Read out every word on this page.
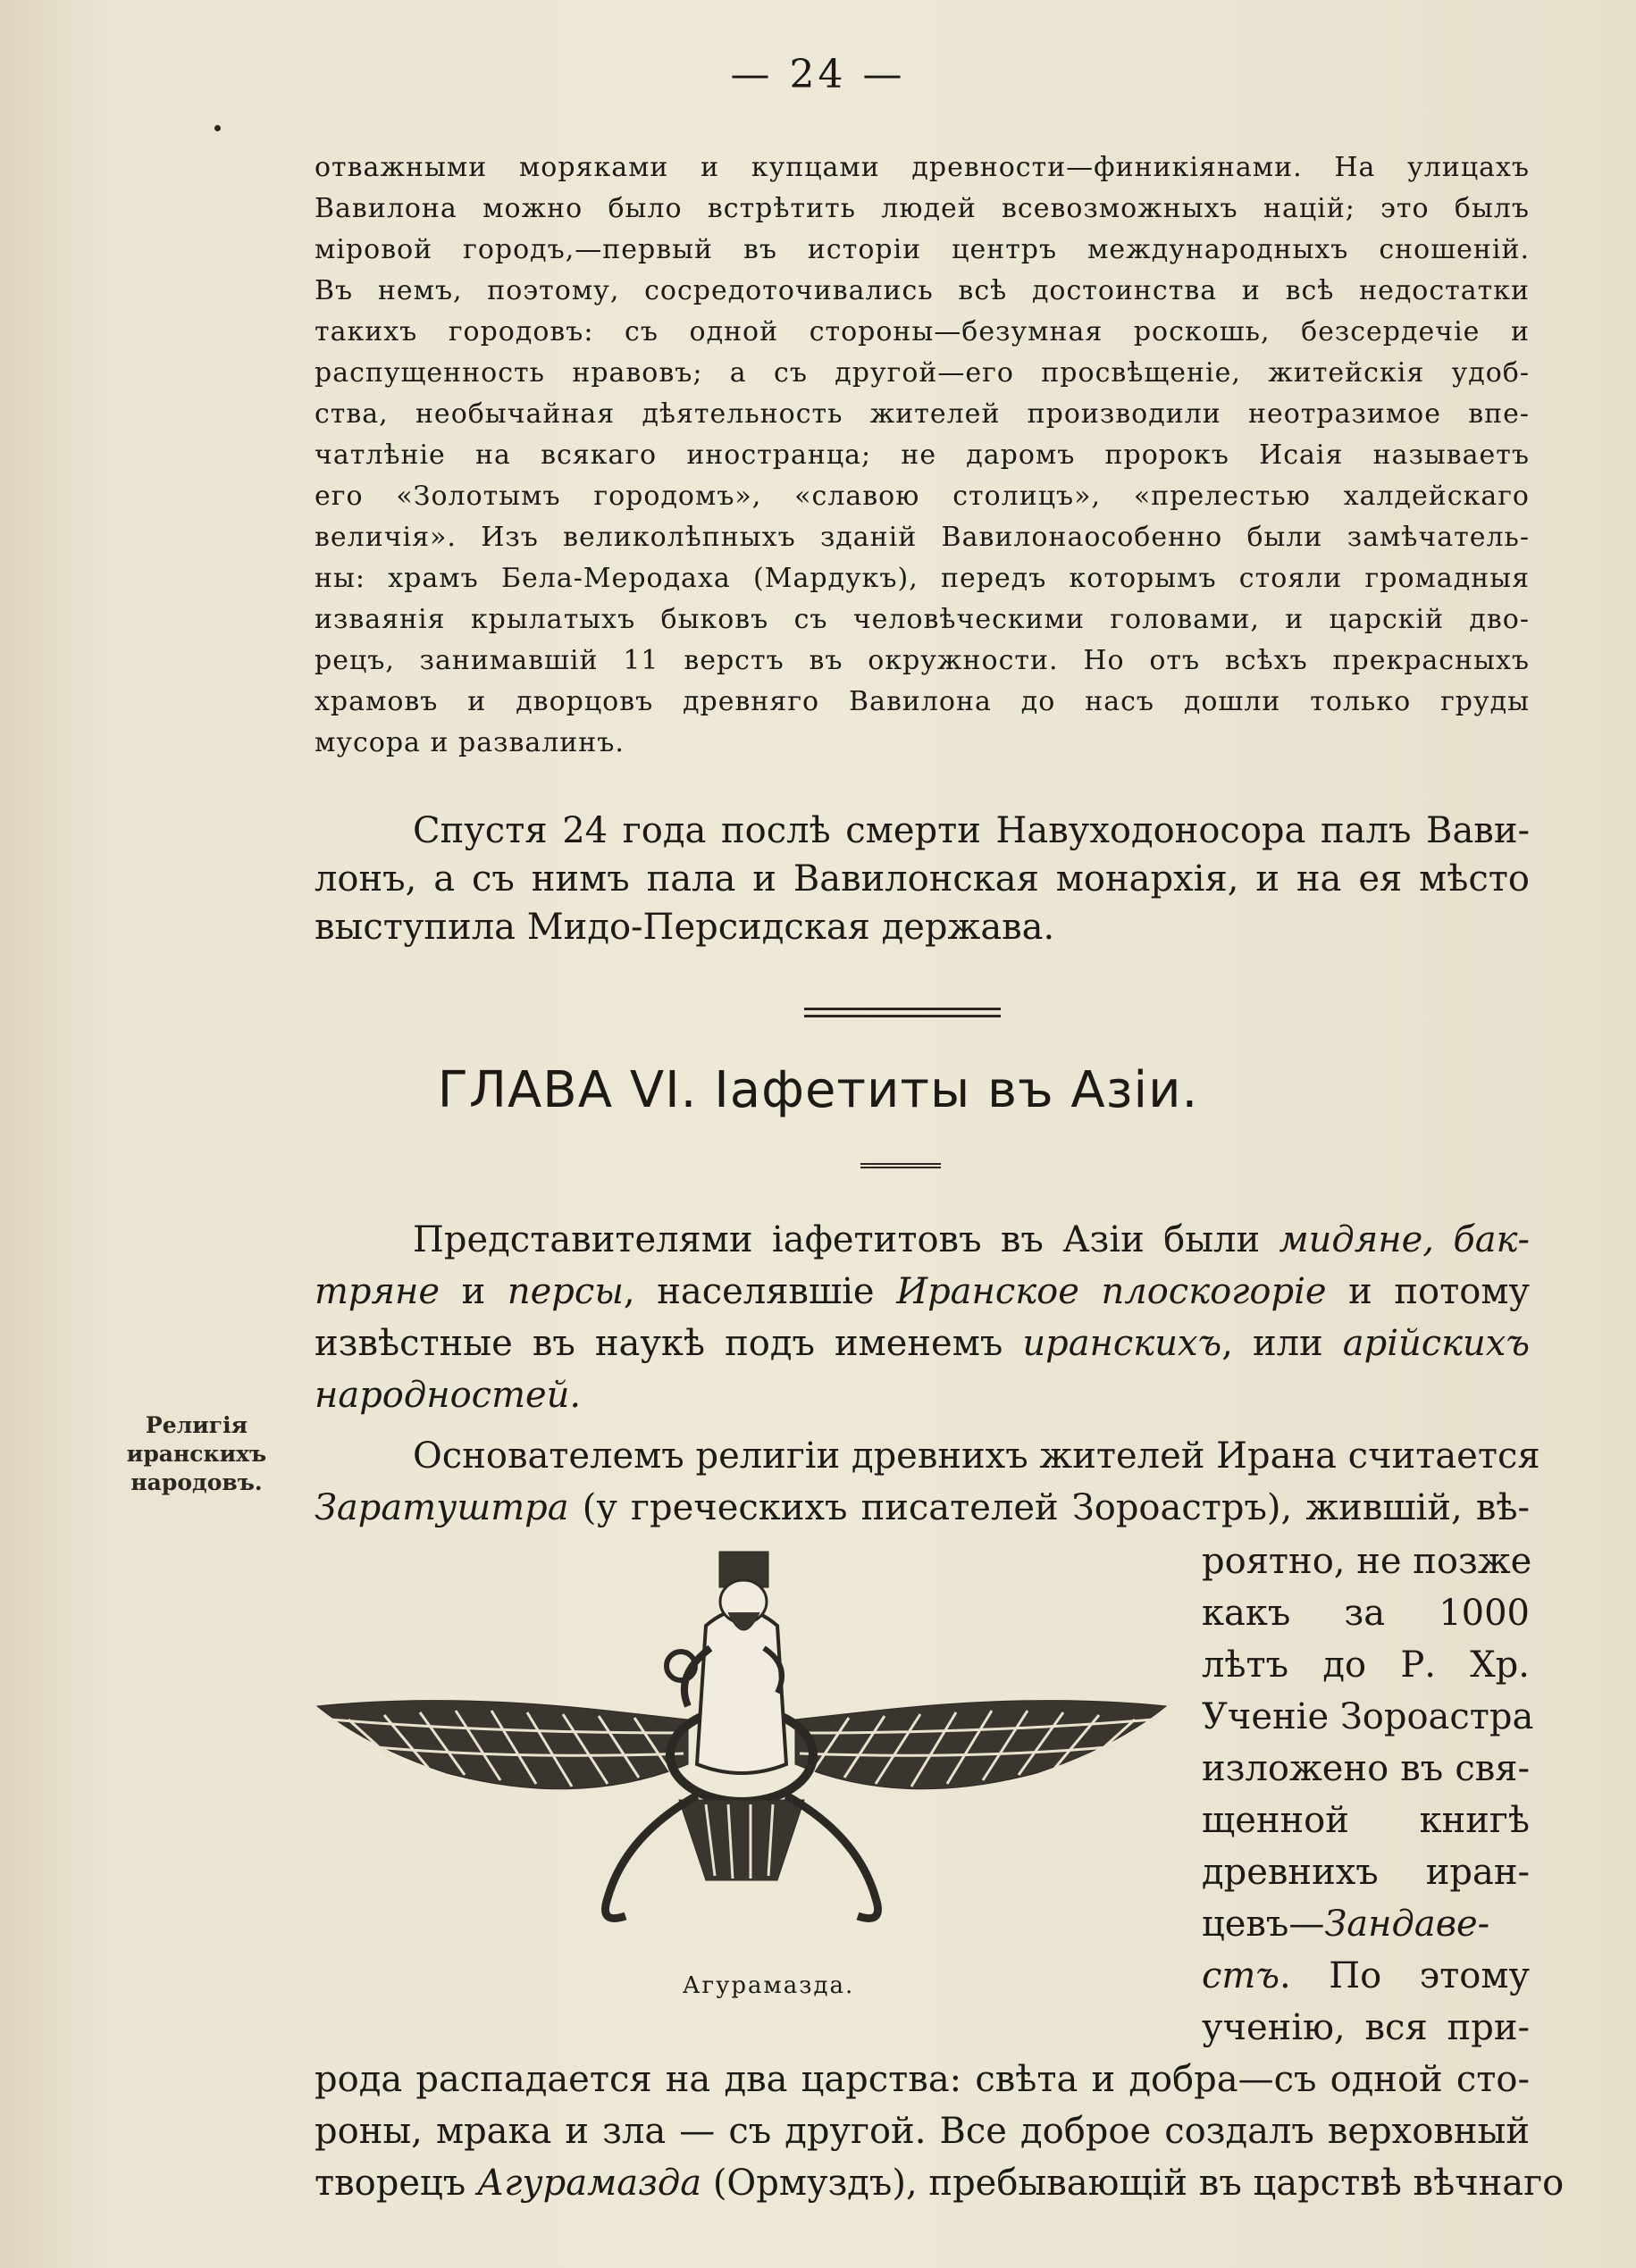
— 24 —
отважными моряками и купцами древности—финикiянами. На улицахъ
Вавилона можно было встрѣтить людей всевозможныхъ нацiй; это былъ
мiровой городъ,—первый въ исторiи центръ международныхъ сношенiй.
Въ немъ, поэтому, сосредоточивались всѣ достоинства и всѣ недостатки
такихъ городовъ: съ одной стороны—безумная роскошь, безсердечiе и
распущенность нравовъ; а съ другой—его просвѣщенiе, житейскiя удоб-
ства, необычайная дѣятельность жителей производили неотразимое впе-
чатлѣнiе на всякаго иностранца; не даромъ пророкъ Исаiя называетъ
его «Золотымъ городомъ», «славою столицъ», «прелестью халдейскаго
величiя». Изъ великолѣпныхъ зданiй Вавилонаособенно были замѣчатель-
ны: храмъ Бела-Меродаха (Мардукъ), передъ которымъ стояли громадныя
изваянiя крылатыхъ быковъ съ человѣческими головами, и царскiй дво-
рецъ, занимавшiй 11 верстъ въ окружности. Но отъ всѣхъ прекрасныхъ
храмовъ и дворцовъ древняго Вавилона до насъ дошли только груды
мусора и развалинъ.
Спустя 24 года послѣ смерти Навуходоносора палъ Вави-
лонъ, а съ нимъ пала и Вавилонская монархiя, и на ея мѣсто
выступила Мидо-Персидская держава.
ГЛАВА VI. Iафетиты въ Азiи.
Представителями iафетитовъ въ Азiи были мидяне, бак-
тряне и персы, населявшiе Иранское плоскогорiе и потому
извѣстные въ наукѣ подъ именемъ иранскихъ, или арiйскихъ
народностей.
Религiя
иранскихъ
народовъ.
Основателемъ религiи древнихъ жителей Ирана считается
Заратуштра (у греческихъ писателей Зороастръ), жившiй, вѣ-
роятно, не позже
какъ за 1000
лѣтъ до Р. Хр.
Ученiе Зороастра
изложено въ свя-
щенной книгѣ
древнихъ иран-
цевъ—Зандаве-
стъ. По этому
ученiю, вся при-
рода распадается на два царства: свѣта и добра—съ одной сто-
роны, мрака и зла — съ другой. Все доброе создалъ верховный
творецъ Агурамазда (Ормуздъ), пребывающiй въ царствѣ вѣчнаго
Агурамазда.
